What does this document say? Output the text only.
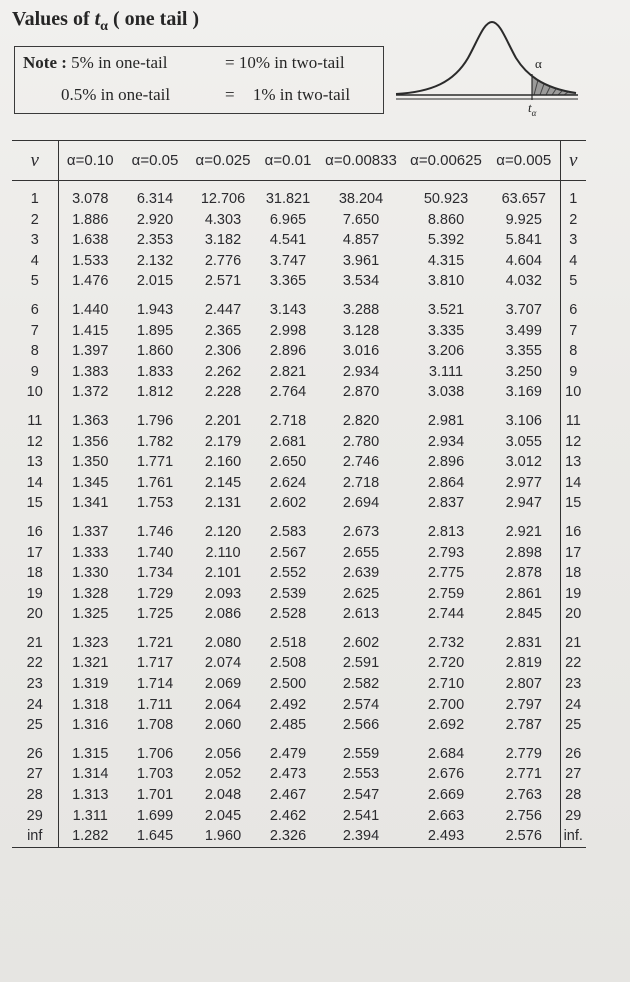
Values of $t_\alpha$ ( one tail )
Note : 5% in one-tail	= 10% in two-tail
0.5% in one-tail	= 1% in two-tail
α
$t_\alpha$
ν	α=0.10	α=0.05	α=0.025	α=0.01	α=0.00833	α=0.00625	α=0.005	ν

1	3.078	6.314	12.706	31.821	38.204	50.923	63.657	1
2	1.886	2.920	4.303	6.965	7.650	8.860	9.925	2
3	1.638	2.353	3.182	4.541	4.857	5.392	5.841	3
4	1.533	2.132	2.776	3.747	3.961	4.315	4.604	4
5	1.476	2.015	2.571	3.365	3.534	3.810	4.032	5

6	1.440	1.943	2.447	3.143	3.288	3.521	3.707	6
7	1.415	1.895	2.365	2.998	3.128	3.335	3.499	7
8	1.397	1.860	2.306	2.896	3.016	3.206	3.355	8
9	1.383	1.833	2.262	2.821	2.934	3.111	3.250	9
10	1.372	1.812	2.228	2.764	2.870	3.038	3.169	10

11	1.363	1.796	2.201	2.718	2.820	2.981	3.106	11
12	1.356	1.782	2.179	2.681	2.780	2.934	3.055	12
13	1.350	1.771	2.160	2.650	2.746	2.896	3.012	13
14	1.345	1.761	2.145	2.624	2.718	2.864	2.977	14
15	1.341	1.753	2.131	2.602	2.694	2.837	2.947	15

16	1.337	1.746	2.120	2.583	2.673	2.813	2.921	16
17	1.333	1.740	2.110	2.567	2.655	2.793	2.898	17
18	1.330	1.734	2.101	2.552	2.639	2.775	2.878	18
19	1.328	1.729	2.093	2.539	2.625	2.759	2.861	19
20	1.325	1.725	2.086	2.528	2.613	2.744	2.845	20

21	1.323	1.721	2.080	2.518	2.602	2.732	2.831	21
22	1.321	1.717	2.074	2.508	2.591	2.720	2.819	22
23	1.319	1.714	2.069	2.500	2.582	2.710	2.807	23
24	1.318	1.711	2.064	2.492	2.574	2.700	2.797	24
25	1.316	1.708	2.060	2.485	2.566	2.692	2.787	25

26	1.315	1.706	2.056	2.479	2.559	2.684	2.779	26
27	1.314	1.703	2.052	2.473	2.553	2.676	2.771	27
28	1.313	1.701	2.048	2.467	2.547	2.669	2.763	28
29	1.311	1.699	2.045	2.462	2.541	2.663	2.756	29
inf	1.282	1.645	1.960	2.326	2.394	2.493	2.576	inf.
